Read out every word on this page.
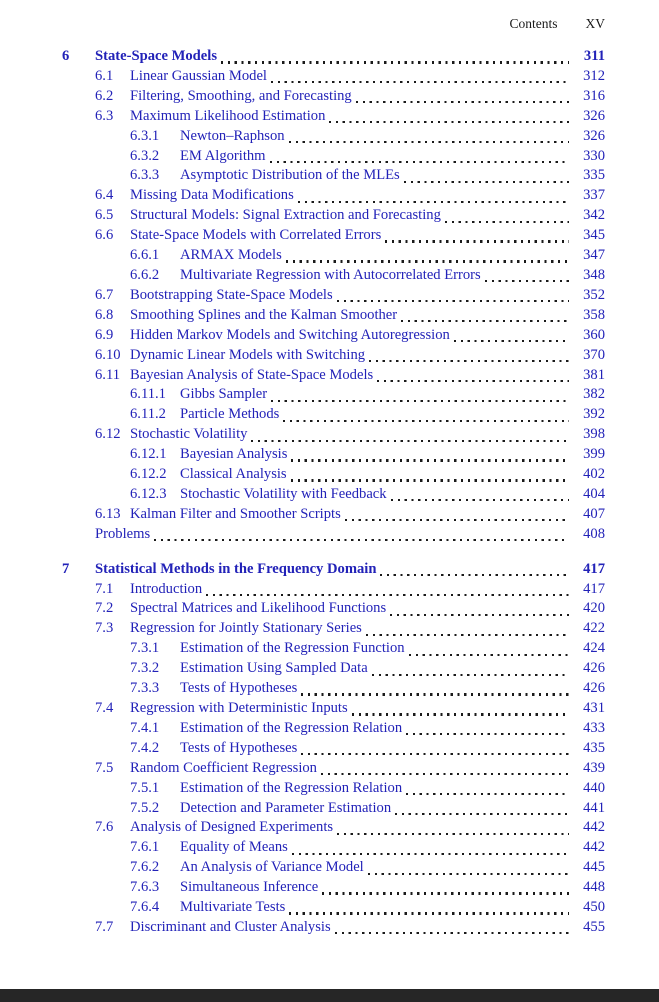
Contents XV
6	State-Space Models	311
6.1	Linear Gaussian Model	312
6.2	Filtering, Smoothing, and Forecasting	316
6.3	Maximum Likelihood Estimation	326
6.3.1	Newton–Raphson	326
6.3.2	EM Algorithm	330
6.3.3	Asymptotic Distribution of the MLEs	335
6.4	Missing Data Modifications	337
6.5	Structural Models: Signal Extraction and Forecasting	342
6.6	State-Space Models with Correlated Errors	345
6.6.1	ARMAX Models	347
6.6.2	Multivariate Regression with Autocorrelated Errors	348
6.7	Bootstrapping State-Space Models	352
6.8	Smoothing Splines and the Kalman Smoother	358
6.9	Hidden Markov Models and Switching Autoregression	360
6.10 Dynamic Linear Models with Switching	370
6.11 Bayesian Analysis of State-Space Models	381
6.11.1 Gibbs Sampler	382
6.11.2 Particle Methods	392
6.12 Stochastic Volatility	398
6.12.1 Bayesian Analysis	399
6.12.2 Classical Analysis	402
6.12.3 Stochastic Volatility with Feedback	404
6.13 Kalman Filter and Smoother Scripts	407
Problems	408
7	Statistical Methods in the Frequency Domain	417
7.1	Introduction	417
7.2	Spectral Matrices and Likelihood Functions	420
7.3	Regression for Jointly Stationary Series	422
7.3.1	Estimation of the Regression Function	424
7.3.2	Estimation Using Sampled Data	426
7.3.3	Tests of Hypotheses	426
7.4	Regression with Deterministic Inputs	431
7.4.1	Estimation of the Regression Relation	433
7.4.2	Tests of Hypotheses	435
7.5	Random Coefficient Regression	439
7.5.1	Estimation of the Regression Relation	440
7.5.2	Detection and Parameter Estimation	441
7.6	Analysis of Designed Experiments	442
7.6.1	Equality of Means	442
7.6.2	An Analysis of Variance Model	445
7.6.3	Simultaneous Inference	448
7.6.4	Multivariate Tests	450
7.7	Discriminant and Cluster Analysis	455
